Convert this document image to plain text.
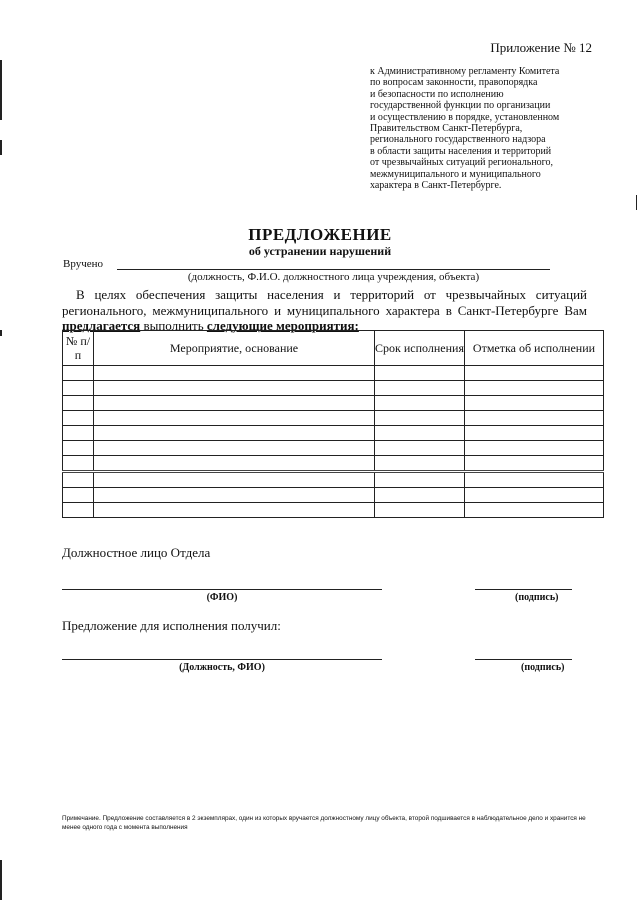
Приложение № 12
к Административному регламенту Комитета
по вопросам законности, правопорядка
и безопасности по исполнению
государственной функции по организации
и осуществлению в порядке, установленном
Правительством Санкт-Петербурга,
регионального государственного надзора
в области защиты населения и территорий
от чрезвычайных ситуаций регионального,
межмуниципального и муниципального
характера в Санкт-Петербурге.
ПРЕДЛОЖЕНИЕ
об устранении нарушений
Вручено
(должность, Ф.И.О. должностного лица учреждения, объекта)
В целях обеспечения защиты населения и территорий от чрезвычайных ситуаций регионального, межмуниципального и муниципального характера в Санкт-Петербурге Вам предлагается выполнить следующие мероприятия:
№ п/п	Мероприятие, основание	Срок исполнения	Отметка об исполнении

Должностное лицо Отдела
(ФИО)	(подпись)
Предложение для исполнения получил:
(Должность, ФИО)	(подпись)
Примечание. Предложение составляется в 2 экземплярах, один из которых вручается должностному лицу объекта, второй подшивается в наблюдательное дело и хранится не менее одного года с момента выполнения
